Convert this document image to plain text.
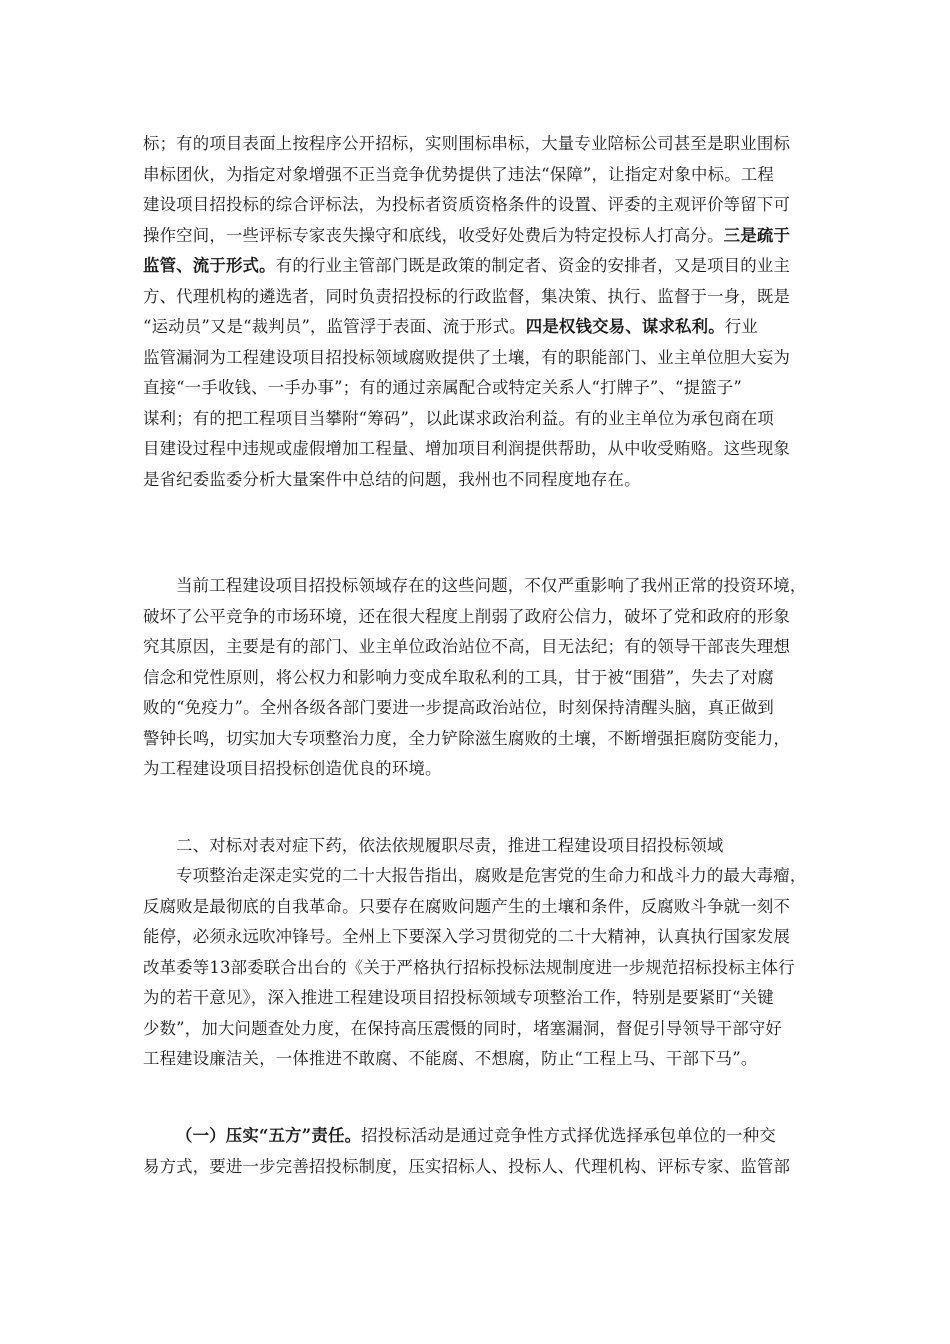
标；有的项目表面上按程序公开招标，实则围标串标，大量专业陪标公司甚至是职业围标
串标团伙，为指定对象增强不正当竞争优势提供了违法“保障”，让指定对象中标。工程
建设项目招投标的综合评标法，为投标者资质资格条件的设置、评委的主观评价等留下可
操作空间，一些评标专家丧失操守和底线，收受好处费后为特定投标人打高分。三是疏于
监管、流于形式。有的行业主管部门既是政策的制定者、资金的安排者，又是项目的业主
方、代理机构的遴选者，同时负责招投标的行政监督，集决策、执行、监督于一身，既是
“运动员”又是“裁判员”，监管浮于表面、流于形式。四是权钱交易、谋求私利。行业
监管漏洞为工程建设项目招投标领域腐败提供了土壤，有的职能部门、业主单位胆大妄为
直接“一手收钱、一手办事”；有的通过亲属配合或特定关系人“打牌子”、“提篮子”
谋利；有的把工程项目当攀附“筹码”，以此谋求政治利益。有的业主单位为承包商在项
目建设过程中违规或虚假增加工程量、增加项目利润提供帮助，从中收受贿赂。这些现象
是省纪委监委分析大量案件中总结的问题，我州也不同程度地存在。
当前工程建设项目招投标领域存在的这些问题，不仅严重影响了我州正常的投资环境，
破坏了公平竞争的市场环境，还在很大程度上削弱了政府公信力，破坏了党和政府的形象
究其原因，主要是有的部门、业主单位政治站位不高，目无法纪；有的领导干部丧失理想
信念和党性原则，将公权力和影响力变成牟取私利的工具，甘于被“围猎”，失去了对腐
败的“免疫力”。全州各级各部门要进一步提高政治站位，时刻保持清醒头脑，真正做到
警钟长鸣，切实加大专项整治力度，全力铲除滋生腐败的土壤，不断增强拒腐防变能力，
为工程建设项目招投标创造优良的环境。
二、对标对表对症下药，依法依规履职尽责，推进工程建设项目招投标领域
专项整治走深走实党的二十大报告指出，腐败是危害党的生命力和战斗力的最大毒瘤，
反腐败是最彻底的自我革命。只要存在腐败问题产生的土壤和条件，反腐败斗争就一刻不
能停，必须永远吹冲锋号。全州上下要深入学习贯彻党的二十大精神，认真执行国家发展
改革委等13部委联合出台的《关于严格执行招标投标法规制度进一步规范招标投标主体行
为的若干意见》，深入推进工程建设项目招投标领域专项整治工作，特别是要紧盯“关键
少数”，加大问题查处力度，在保持高压震慑的同时，堵塞漏洞，督促引导领导干部守好
工程建设廉洁关，一体推进不敢腐、不能腐、不想腐，防止“工程上马、干部下马”。
（一）压实“五方”责任。招投标活动是通过竞争性方式择优选择承包单位的一种交
易方式，要进一步完善招投标制度，压实招标人、投标人、代理机构、评标专家、监管部
